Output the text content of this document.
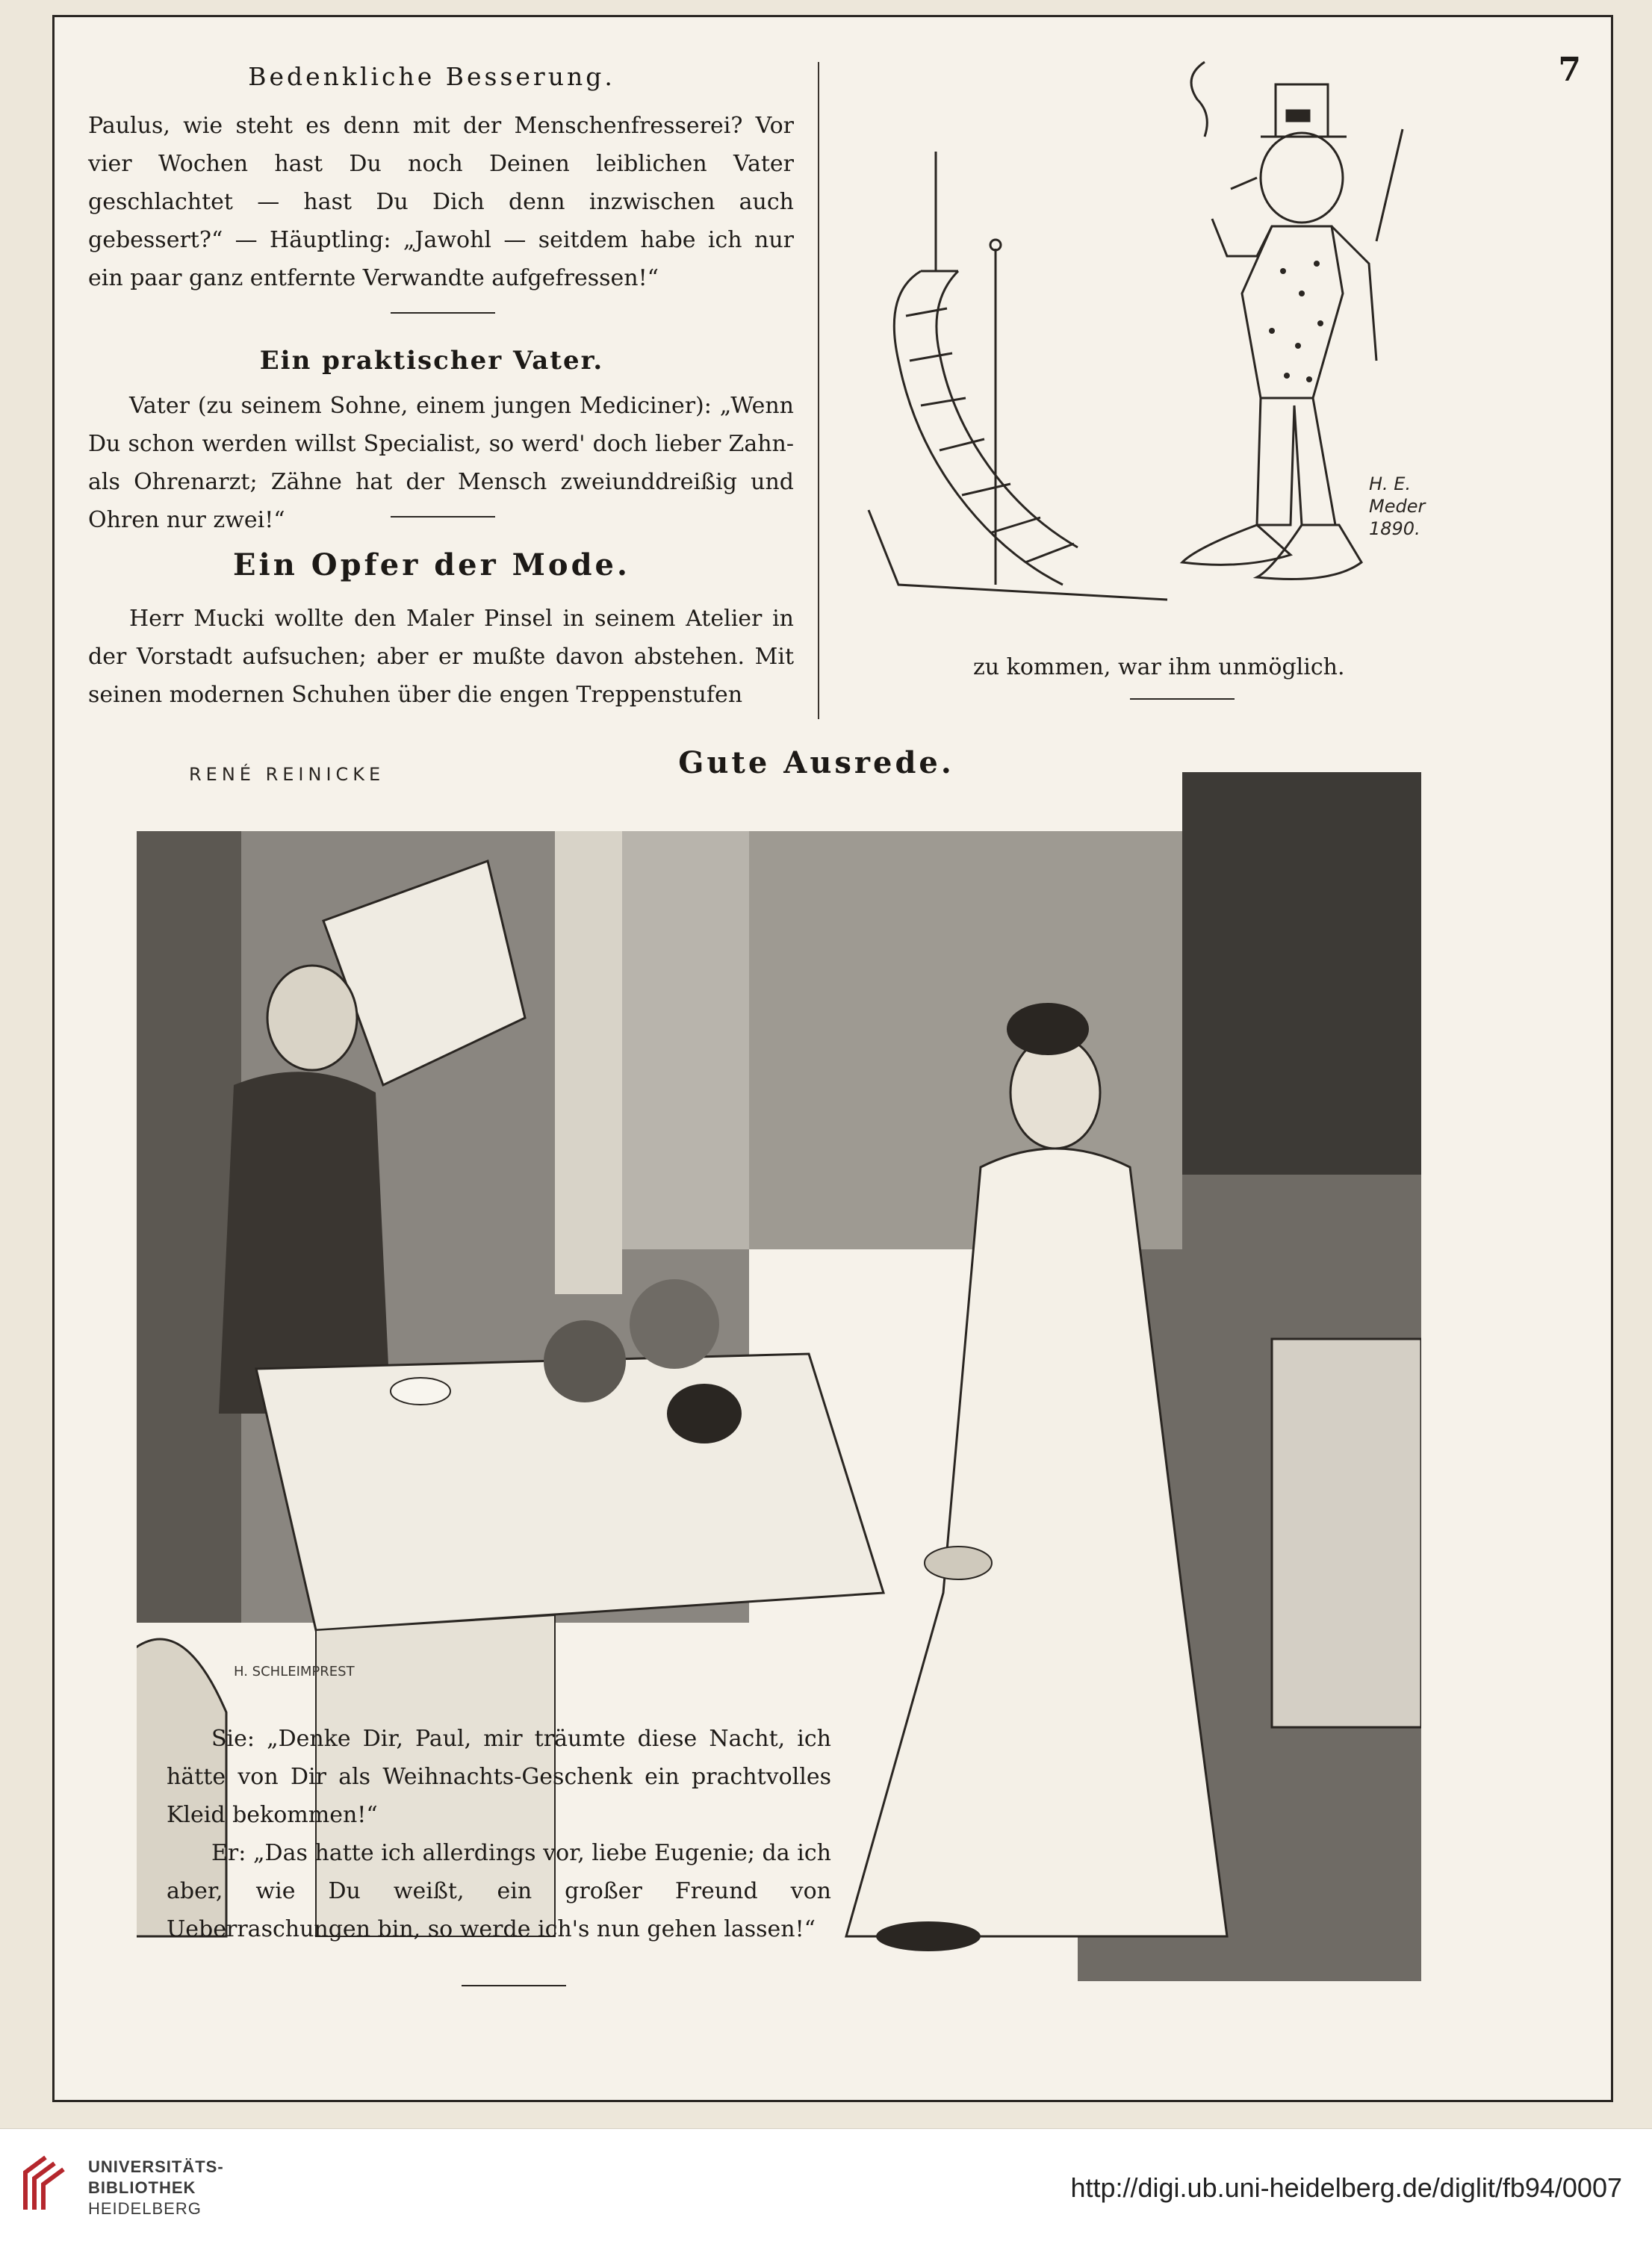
7
Bedenkliche Besserung.
Paulus, wie steht es denn mit der Menschenfresserei? Vor vier Wochen hast Du noch Deinen leiblichen Vater geschlachtet — hast Du Dich denn inzwischen auch gebessert?“ — Häuptling: „Jawohl — seitdem habe ich nur ein paar ganz entfernte Verwandte aufgefressen!“
Ein praktischer Vater.
Vater (zu seinem Sohne, einem jungen Mediciner): „Wenn Du schon werden willst Specialist, so werd' doch lieber Zahn- als Ohrenarzt; Zähne hat der Mensch zweiunddreißig und Ohren nur zwei!“
Ein Opfer der Mode.
Herr Mucki wollte den Maler Pinsel in seinem Atelier in der Vorstadt aufsuchen; aber er mußte davon abstehen. Mit seinen modernen Schuhen über die engen Treppenstufen
H. E. Meder 1890.
zu kommen, war ihm unmöglich.
RENÉ REINICKE	Gute Ausrede.
H. SCHLEIMPREST
Sie: „Denke Dir, Paul, mir träumte diese Nacht, ich hätte von Dir als Weihnachts-Geschenk ein prachtvolles Kleid bekommen!“
Er: „Das hatte ich allerdings vor, liebe Eugenie; da ich aber, wie Du weißt, ein großer Freund von Ueberraschungen bin, so werde ich's nun gehen lassen!“
UNIVERSITÄTS-
BIBLIOTHEK
HEIDELBERG
http://digi.ub.uni-heidelberg.de/diglit/fb94/0007
